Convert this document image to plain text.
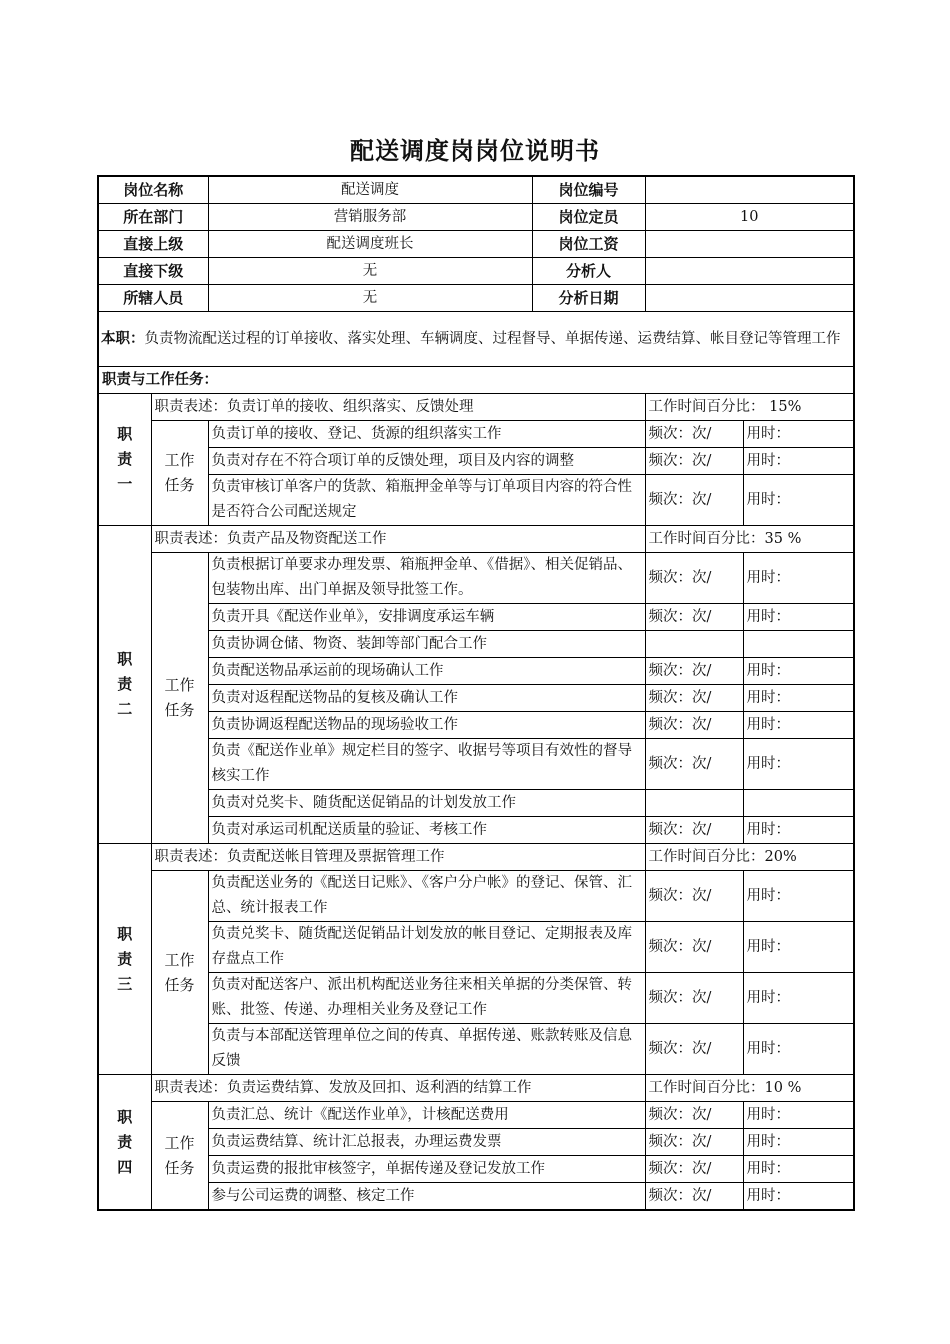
配送调度岗岗位说明书
岗位名称		配送调度	岗位编号		
所在部门		营销服务部	岗位定员	10	
直接上级		配送调度班长	岗位工资		
直接下级		无	分析人		
所辖人员		无	分析日期		
本职：负责物流配送过程的订单接收、落实处理、车辆调度、过程督导、单据传递、运费结算、帐目登记等管理工作					
职责与工作任务：					

职
责
一	职责表述：负责订单的接收、组织落实、反馈处理			工作时间百分比： 15%	

	工作
任务	负责订单的接收、登记、货源的组织落实工作		频次：次/	用时：
		负责对存在不符合项订单的反馈处理，项目及内容的调整		频次：次/	用时：
		负责审核订单客户的货款、箱瓶押金单等与订单项目内容的符合性是否符合公司配送规定		频次：次/	用时：

职
责
二	职责表述：负责产品及物资配送工作			工作时间百分比：35 %	

	工作
任务	负责根据订单要求办理发票、箱瓶押金单、《借据》、相关促销品、包装物出库、出门单据及领导批签工作。		频次：次/	用时：
		负责开具《配送作业单》，安排调度承运车辆		频次：次/	用时：
		负责协调仓储、物资、装卸等部门配合工作			
		负责配送物品承运前的现场确认工作		频次：次/	用时：
		负责对返程配送物品的复核及确认工作		频次：次/	用时：
		负责协调返程配送物品的现场验收工作		频次：次/	用时：
		负责《配送作业单》规定栏目的签字、收据号等项目有效性的督导核实工作		频次：次/	用时：
		负责对兑奖卡、随货配送促销品的计划发放工作			
		负责对承运司机配送质量的验证、考核工作		频次：次/	用时：

职
责
三	职责表述：负责配送帐目管理及票据管理工作			工作时间百分比：20%	

	工作
任务	负责配送业务的《配送日记账》、《客户分户帐》的登记、保管、汇总、统计报表工作		频次：次/	用时：
		负责兑奖卡、随货配送促销品计划发放的帐目登记、定期报表及库存盘点工作		频次：次/	用时：
		负责对配送客户、派出机构配送业务往来相关单据的分类保管、转账、批签、传递、办理相关业务及登记工作		频次：次/	用时：
		负责与本部配送管理单位之间的传真、单据传递、账款转账及信息反馈		频次：次/	用时：

职
责
四	职责表述：负责运费结算、发放及回扣、返利酒的结算工作			工作时间百分比：10 %	

	工作
任务	负责汇总、统计《配送作业单》，计核配送费用		频次：次/	用时：
		负责运费结算、统计汇总报表，办理运费发票		频次：次/	用时：
		负责运费的报批审核签字，单据传递及登记发放工作		频次：次/	用时：
		参与公司运费的调整、核定工作		频次：次/	用时：
